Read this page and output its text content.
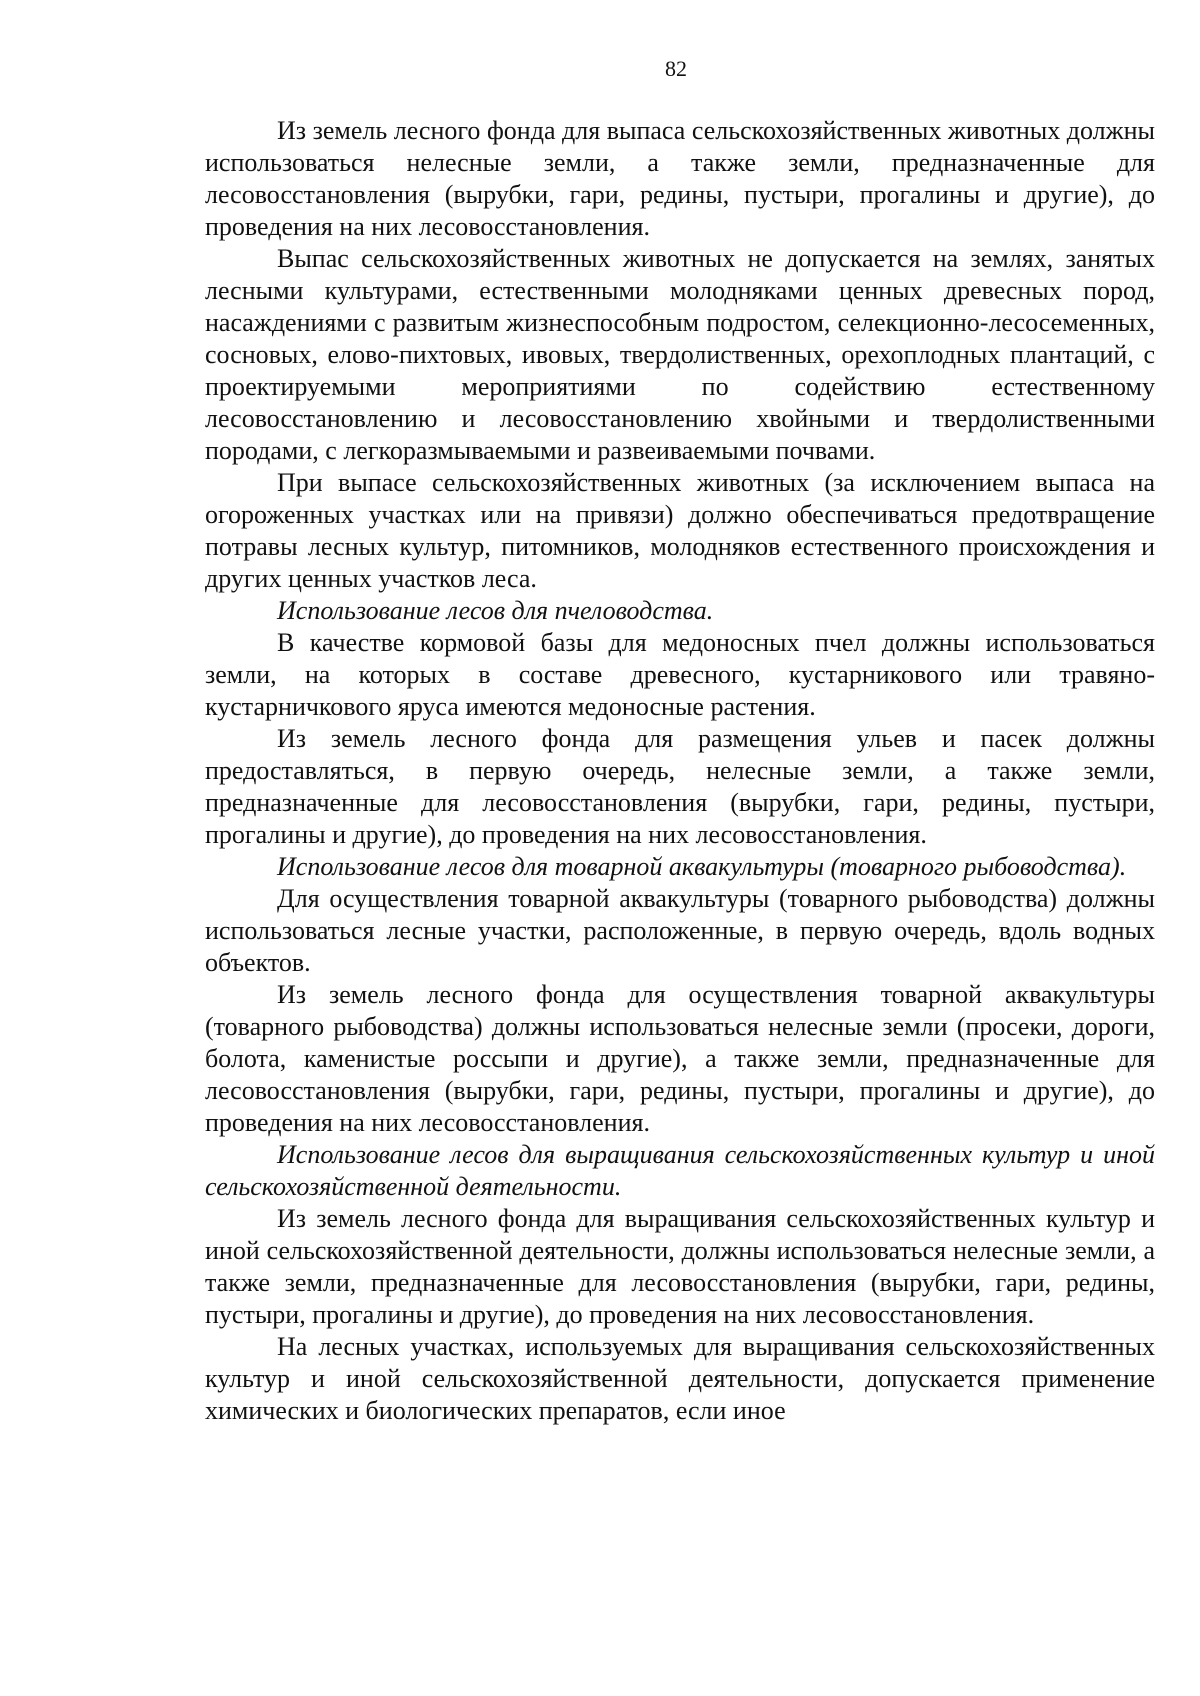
82

Из земель лесного фонда для выпаса сельскохозяйственных животных должны использоваться нелесные земли, а также земли, предназначенные для лесовосстановления (вырубки, гари, редины, пустыри, прогалины и другие), до проведения на них лесовосстановления.

Выпас сельскохозяйственных животных не допускается на землях, занятых лесными культурами, естественными молодняками ценных древесных пород, насаждениями с развитым жизнеспособным подростом, селекционно-лесосеменных, сосновых, елово-пихтовых, ивовых, твердолиственных, орехоплодных плантаций, с проектируемыми мероприятиями по содействию естественному лесовосстановлению и лесовосстановлению хвойными и твердолиственными породами, с легкоразмываемыми и развеиваемыми почвами.

При выпасе сельскохозяйственных животных (за исключением выпаса на огороженных участках или на привязи) должно обеспечиваться предотвращение потравы лесных культур, питомников, молодняков естественного происхождения и других ценных участков леса.

Использование лесов для пчеловодства.

В качестве кормовой базы для медоносных пчел должны использоваться земли, на которых в составе древесного, кустарникового или травяно-кустарничкового яруса имеются медоносные растения.

Из земель лесного фонда для размещения ульев и пасек должны предоставляться, в первую очередь, нелесные земли, а также земли, предназначенные для лесовосстановления (вырубки, гари, редины, пустыри, прогалины и другие), до проведения на них лесовосстановления.

Использование лесов для товарной аквакультуры (товарного рыбоводства).

Для осуществления товарной аквакультуры (товарного рыбоводства) должны использоваться лесные участки, расположенные, в первую очередь, вдоль водных объектов.

Из земель лесного фонда для осуществления товарной аквакультуры (товарного рыбоводства) должны использоваться нелесные земли (просеки, дороги, болота, каменистые россыпи и другие), а также земли, предназначенные для лесовосстановления (вырубки, гари, редины, пустыри, прогалины и другие), до проведения на них лесовосстановления.

Использование лесов для выращивания сельскохозяйственных культур и иной сельскохозяйственной деятельности.

Из земель лесного фонда для выращивания сельскохозяйственных культур и иной сельскохозяйственной деятельности, должны использоваться нелесные земли, а также земли, предназначенные для лесовосстановления (вырубки, гари, редины, пустыри, прогалины и другие), до проведения на них лесовосстановления.

На лесных участках, используемых для выращивания сельскохозяйственных культур и иной сельскохозяйственной деятельности, допускается применение химических и биологических препаратов, если иное
